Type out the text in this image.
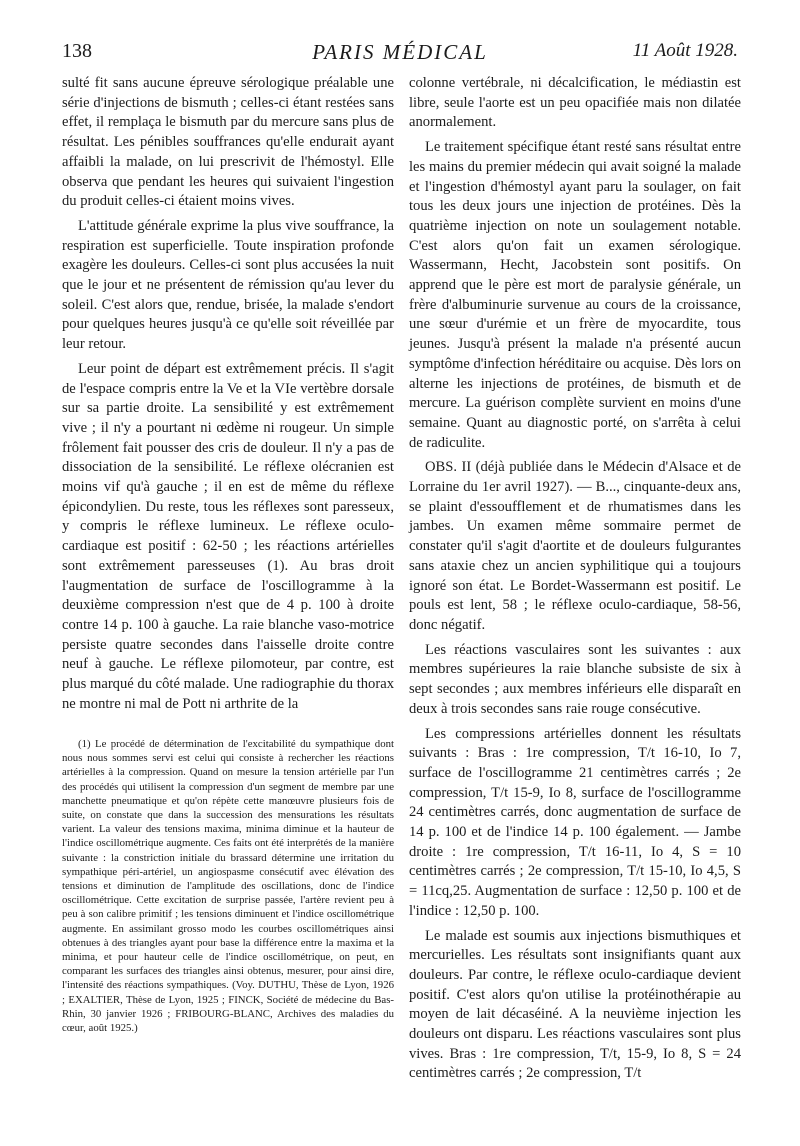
138	PARIS MÉDICAL	11 Août 1928.

sulté fit sans aucune épreuve sérologique préalable une série d'injections de bismuth ; celles-ci étant restées sans effet, il remplaça le bismuth par du mercure sans plus de résultat. Les pénibles souffrances qu'elle endurait ayant affaibli la malade, on lui prescrivit de l'hémostyl. Elle observa que pendant les heures qui suivaient l'ingestion du produit celles-ci étaient moins vives.

L'attitude générale exprime la plus vive souffrance, la respiration est superficielle. Toute inspiration profonde exagère les douleurs. Celles-ci sont plus accusées la nuit que le jour et ne présentent de rémission qu'au lever du soleil. C'est alors que, rendue, brisée, la malade s'endort pour quelques heures jusqu'à ce qu'elle soit réveillée par leur retour.

Leur point de départ est extrêmement précis. Il s'agit de l'espace compris entre la Ve et la VIe vertèbre dorsale sur sa partie droite. La sensibilité y est extrêmement vive ; il n'y a pourtant ni œdème ni rougeur. Un simple frôlement fait pousser des cris de douleur. Il n'y a pas de dissociation de la sensibilité. Le réflexe olécranien est moins vif qu'à gauche ; il en est de même du réflexe épicondylien. Du reste, tous les réflexes sont paresseux, y compris le réflexe lumineux. Le réflexe oculo-cardiaque est positif : 62-50 ; les réactions artérielles sont extrêmement paresseuses (1). Au bras droit l'augmentation de surface de l'oscillogramme à la deuxième compression n'est que de 4 p. 100 à droite contre 14 p. 100 à gauche. La raie blanche vaso-motrice persiste quatre secondes dans l'aisselle droite contre neuf à gauche. Le réflexe pilomoteur, par contre, est plus marqué du côté malade. Une radiographie du thorax ne montre ni mal de Pott ni arthrite de la

(1) Le procédé de détermination de l'excitabilité du sympathique dont nous nous sommes servi est celui qui consiste à rechercher les réactions artérielles à la compression. Quand on mesure la tension artérielle par l'un des procédés qui utilisent la compression d'un segment de membre par une manchette pneumatique et qu'on répète cette manœuvre plusieurs fois de suite, on constate que dans la succession des mensurations les résultats varient. La valeur des tensions maxima, minima diminue et la hauteur de l'indice oscillométrique augmente. Ces faits ont été interprétés de la manière suivante : la constriction initiale du brassard détermine une irritation du sympathique péri-artériel, un angiospasme consécutif avec élévation des tensions et diminution de l'amplitude des oscillations, donc de l'indice oscillométrique. Cette excitation de surprise passée, l'artère revient peu à peu à son calibre primitif ; les tensions diminuent et l'indice oscillométrique augmente. En assimilant grosso modo les courbes oscillométriques ainsi obtenues à des triangles ayant pour base la différence entre la maxima et la minima, et pour hauteur celle de l'indice oscillométrique, on peut, en comparant les surfaces des triangles ainsi obtenus, mesurer, pour ainsi dire, l'intensité des réactions sympathiques. (Voy. DUTHU, Thèse de Lyon, 1926 ; EXALTIER, Thèse de Lyon, 1925 ; FINCK, Société de médecine du Bas-Rhin, 30 janvier 1926 ; FRIBOURG-BLANC, Archives des maladies du cœur, août 1925.)

colonne vertébrale, ni décalcification, le médiastin est libre, seule l'aorte est un peu opacifiée mais non dilatée anormalement.

Le traitement spécifique étant resté sans résultat entre les mains du premier médecin qui avait soigné la malade et l'ingestion d'hémostyl ayant paru la soulager, on fait tous les deux jours une injection de protéines. Dès la quatrième injection on note un soulagement notable. C'est alors qu'on fait un examen sérologique. Wassermann, Hecht, Jacobstein sont positifs. On apprend que le père est mort de paralysie générale, un frère d'albuminurie survenue au cours de la croissance, une sœur d'urémie et un frère de myocardite, tous jeunes. Jusqu'à présent la malade n'a présenté aucun symptôme d'infection héréditaire ou acquise. Dès lors on alterne les injections de protéines, de bismuth et de mercure. La guérison complète survient en moins d'une semaine. Quant au diagnostic porté, on s'arrêta à celui de radiculite.

OBS. II (déjà publiée dans le Médecin d'Alsace et de Lorraine du 1er avril 1927). — B..., cinquante-deux ans, se plaint d'essoufflement et de rhumatismes dans les jambes. Un examen même sommaire permet de constater qu'il s'agit d'aortite et de douleurs fulgurantes sans ataxie chez un ancien syphilitique qui a toujours ignoré son état. Le Bordet-Wassermann est positif. Le pouls est lent, 58 ; le réflexe oculo-cardiaque, 58-56, donc négatif.

Les réactions vasculaires sont les suivantes : aux membres supérieures la raie blanche subsiste de six à sept secondes ; aux membres inférieurs elle disparaît en deux à trois secondes sans raie rouge consécutive.

Les compressions artérielles donnent les résultats suivants : Bras : 1re compression, T/t 16-10, Io 7, surface de l'oscillogramme 21 centimètres carrés ; 2e compression, T/t 15-9, Io 8, surface de l'oscillogramme 24 centimètres carrés, donc augmentation de surface de 14 p. 100 et de l'indice 14 p. 100 également. — Jambe droite : 1re compression, T/t 16-11, Io 4, S = 10 centimètres carrés ; 2e compression, T/t 15-10, Io 4,5, S = 11cq,25. Augmentation de surface : 12,50 p. 100 et de l'indice : 12,50 p. 100.

Le malade est soumis aux injections bismuthiques et mercurielles. Les résultats sont insignifiants quant aux douleurs. Par contre, le réflexe oculo-cardiaque devient positif. C'est alors qu'on utilise la protéinothérapie au moyen de lait décaséiné. A la neuvième injection les douleurs ont disparu. Les réactions vasculaires sont plus vives. Bras : 1re compression, T/t, 15-9, Io 8, S = 24 centimètres carrés ; 2e compression, T/t
